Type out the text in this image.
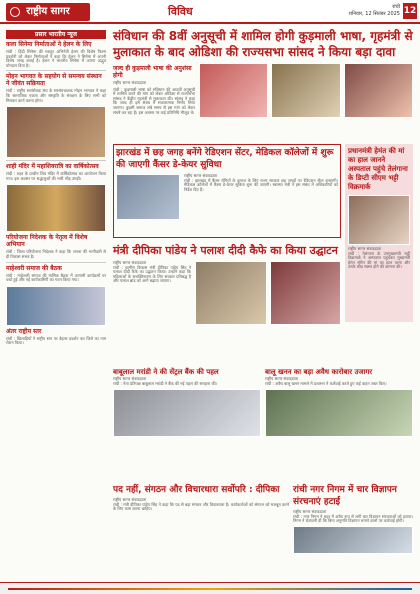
राष्ट्रीय सागर	विविध	रांची
शनिवार, 12 सितंबर 2025 12
प्रसार भारतीय न्यूज
कला सिनेमा निर्माताओं ने हेलन के लिए
रांची : हिंदी सिनेमा की मशहूर अभिनेत्री हेलन की विशेष फिल्म प्रदर्शनी को लेकर निर्माताओं ने कहा कि हेलन ने सिनेमा में अपनी विशेष जगह बनाई है। हेलन ने भारतीय सिनेमा में अपना अद्भुत योगदान दिया है।
मोहन भागवत के सहयोग से समन्वय संस्थान ने जीवंत सक्रियता
रांची : राष्ट्रीय स्वयंसेवक संघ के सरसंघचालक मोहन भागवत ने कहा कि सामाजिक एकता और संस्कृति के संरक्षण के लिए सभी को मिलकर कार्य करना होगा।
शाही मंदिर में महाशिवरात्रि का वार्षिकोत्सव
रांची : शहर के प्राचीन शिव मंदिर में वार्षिकोत्सव का आयोजन किया गया। इस अवसर पर श्रद्धालुओं की भारी भीड़ उमड़ी।
परियोजना निदेशक के नेतृत्व में विशेष अभियान
रांची : जिला परियोजना निदेशक ने कहा कि जनता की भागीदारी से ही विकास संभव है।
माहेश्वरी समाज की बैठक
रांची : माहेश्वरी समाज की मासिक बैठक में आगामी कार्यक्रमों पर चर्चा हुई और नई कार्यकारिणी का गठन किया गया।
अंतर राष्ट्रीय स्तर
रांची : खिलाड़ियों ने राष्ट्रीय स्तर पर बेहतर प्रदर्शन कर जिले का नाम रोशन किया।
संविधान की 8वीं अनुसूची में शामिल होगी कुड़माली भाषा, गृहमंत्री से मुलाकात के बाद ओडिशा की राज्यसभा सांसद ने किया बड़ा दावा
जल्द ही कुड़माली भाषा की अनुशंसा होगी
राष्ट्रीय सागर संवाददाता
रांची : कुड़माली भाषा को संविधान की आठवीं अनुसूची में शामिल करने की मांग को लेकर ओडिशा से राज्यसभा सांसद ने केंद्रीय गृहमंत्री से मुलाकात की। सांसद ने कहा कि जल्द ही इस संबंध में सकारात्मक निर्णय लिया जाएगा। कुड़मी समाज लंबे समय से इस मांग को लेकर संघर्ष कर रहा है। इस अवसर पर कई प्रतिनिधि मौजूद थे।
झारखंड में छह जगह बनेंगे रेडिएशन सेंटर, मेडिकल कॉलेजों में शुरू की जाएगी कैंसर डे-केयर सुविधा
राष्ट्रीय सागर संवाददाता
रांची : झारखंड में कैंसर रोगियों के इलाज के लिए राज्य सरकार छह जगहों पर रेडिएशन सेंटर बनाएगी। मेडिकल कॉलेजों में कैंसर डे-केयर सुविधा शुरू की जाएगी। स्वास्थ्य मंत्री ने इस संबंध में अधिकारियों को निर्देश दिए हैं।
प्रधानमंत्री हेमंत की मां का हाल जानने अस्पताल पहुंचे तेलंगाना के डिप्टी सीएम भट्टी विक्रमार्क
राष्ट्रीय सागर संवाददाता
रांची : तेलंगाना के उपमुख्यमंत्री भट्टी विक्रमार्क ने अस्पताल पहुंचकर मुख्यमंत्री हेमंत सोरेन की मां का हाल जाना और उनके शीघ्र स्वस्थ होने की कामना की।
मंत्री दीपिका पांडेय ने पलाश दीदी कैफे का किया उद्घाटन
राष्ट्रीय सागर संवाददाता
रांची : ग्रामीण विकास मंत्री दीपिका पांडेय सिंह ने पलाश दीदी कैफे का उद्घाटन किया। उन्होंने कहा कि महिलाओं के सशक्तिकरण के लिए सरकार प्रतिबद्ध है और पलाश ब्रांड को आगे बढ़ाया जाएगा।
बाबूलाल मरांडी ने की सेंट्रल बैंक की पहल
राष्ट्रीय सागर संवाददाता
रांची : नेता प्रतिपक्ष बाबूलाल मरांडी ने बैंक की नई पहल की सराहना की।
बालू खनन का बड़ा अवैध कारोबार उजागर
राष्ट्रीय सागर संवाददाता
रांची : अवैध बालू खनन मामले में प्रशासन ने कार्रवाई करते हुए कई वाहन जब्त किए।
पद नहीं, संगठन और विचारधारा सर्वोपरि : दीपिका
राष्ट्रीय सागर संवाददाता
रांची : मंत्री दीपिका पांडेय सिंह ने कहा कि पद से बड़ा संगठन और विचारधारा है। कार्यकर्ताओं को संगठन को मजबूत करने के लिए काम करना चाहिए।
रांची नगर निगम में चार विज्ञापन संरचनाएं हटाईं
राष्ट्रीय सागर संवाददाता
रांची : नगर निगम ने शहर में अवैध रूप से लगी चार विज्ञापन संरचनाओं को हटाया। निगम ने चेतावनी दी कि बिना अनुमति विज्ञापन लगाने वालों पर कार्रवाई होगी।
